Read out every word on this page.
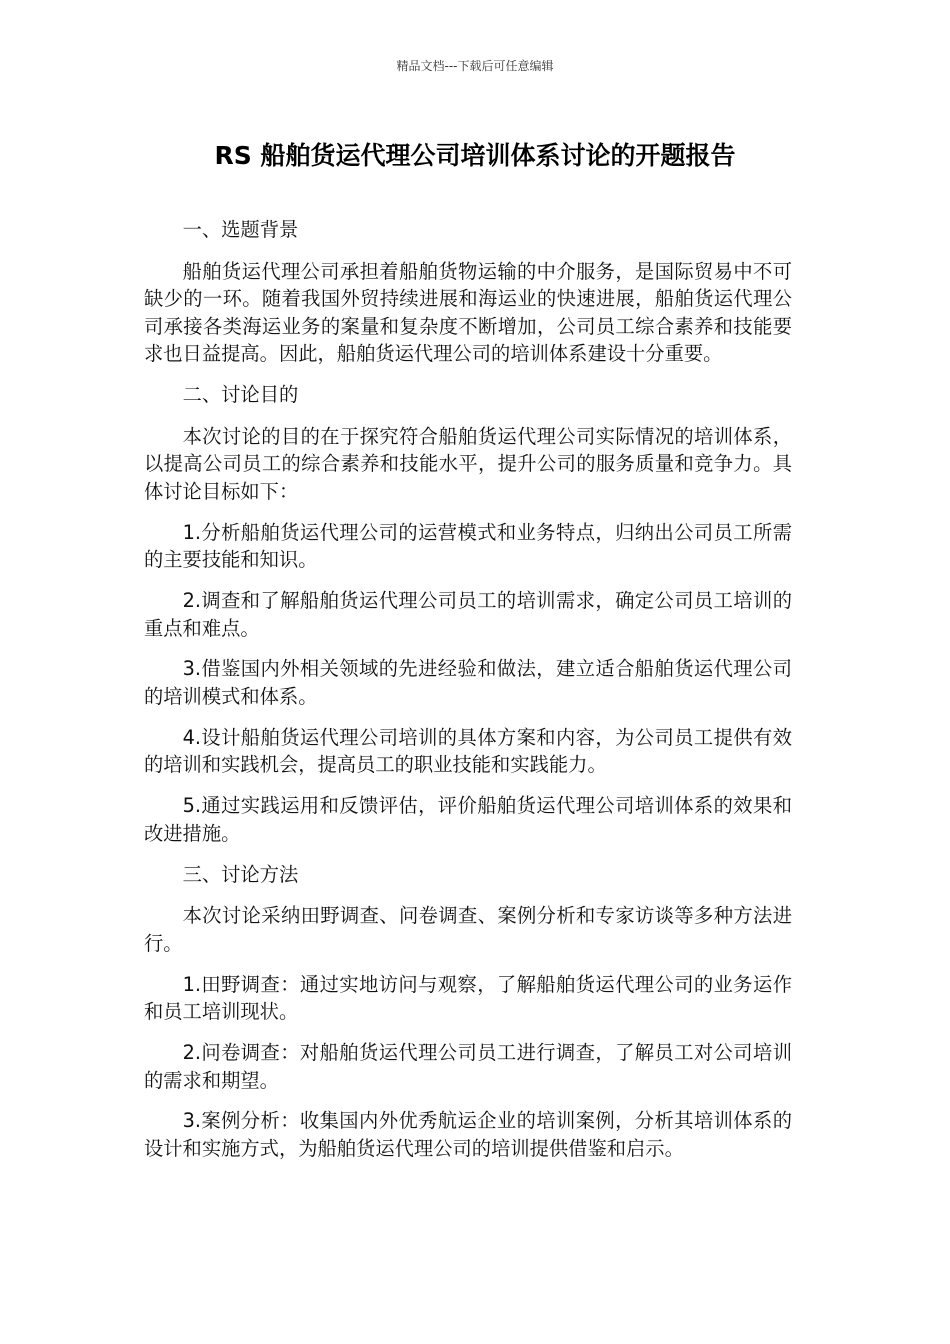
精品文档---下载后可任意编辑
RS 船舶货运代理公司培训体系讨论的开题报告

一、选题背景

船舶货运代理公司承担着船舶货物运输的中介服务，是国际贸易中不可缺少的一环。随着我国外贸持续进展和海运业的快速进展，船舶货运代理公司承接各类海运业务的案量和复杂度不断增加，公司员工综合素养和技能要求也日益提高。因此，船舶货运代理公司的培训体系建设十分重要。

二、讨论目的

本次讨论的目的在于探究符合船舶货运代理公司实际情况的培训体系，以提高公司员工的综合素养和技能水平，提升公司的服务质量和竞争力。具体讨论目标如下：

1.分析船舶货运代理公司的运营模式和业务特点，归纳出公司员工所需的主要技能和知识。

2.调查和了解船舶货运代理公司员工的培训需求，确定公司员工培训的重点和难点。

3.借鉴国内外相关领域的先进经验和做法，建立适合船舶货运代理公司的培训模式和体系。

4.设计船舶货运代理公司培训的具体方案和内容，为公司员工提供有效的培训和实践机会，提高员工的职业技能和实践能力。

5.通过实践运用和反馈评估，评价船舶货运代理公司培训体系的效果和改进措施。

三、讨论方法

本次讨论采纳田野调查、问卷调查、案例分析和专家访谈等多种方法进行。

1.田野调查：通过实地访问与观察，了解船舶货运代理公司的业务运作和员工培训现状。

2.问卷调查：对船舶货运代理公司员工进行调查，了解员工对公司培训的需求和期望。

3.案例分析：收集国内外优秀航运企业的培训案例，分析其培训体系的设计和实施方式，为船舶货运代理公司的培训提供借鉴和启示。
